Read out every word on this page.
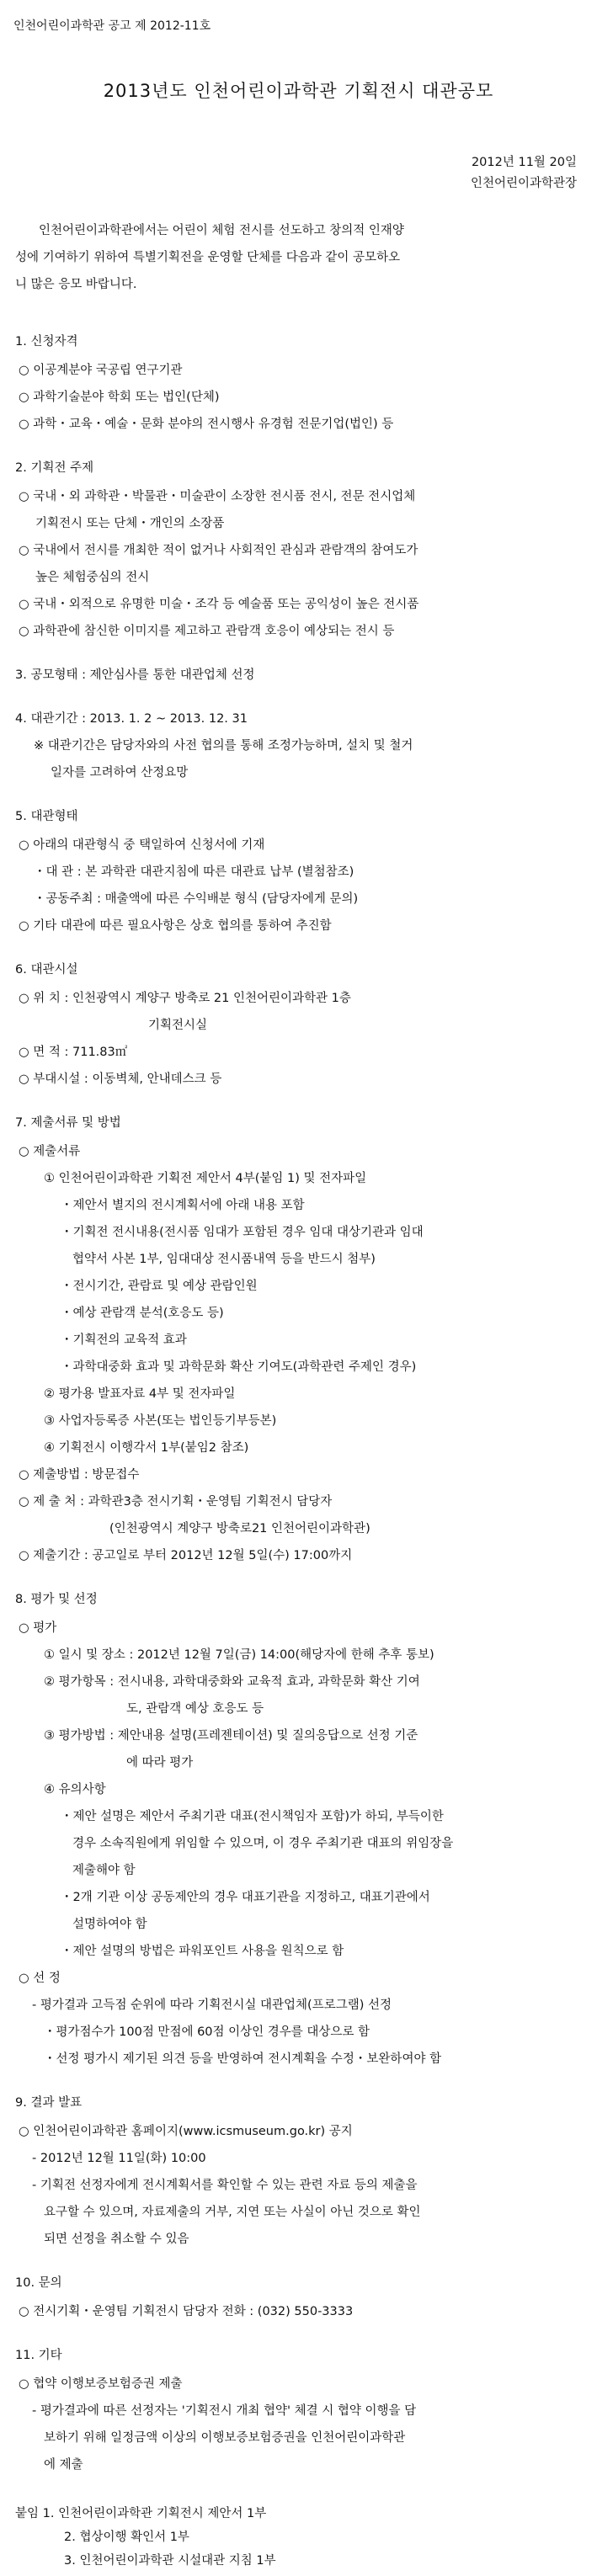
인천어린이과학관 공고 제 2012-11호
2013년도 인천어린이과학관 기획전시 대관공모
2012년 11월 20일
인천어린이과학관장
인천어린이과학관에서는 어린이 체험 전시를 선도하고 창의적 인재양
성에 기여하기 위하여 특별기획전을 운영할 단체를 다음과 같이 공모하오
니 많은 응모 바랍니다.
1. 신청자격
○ 이공계분야 국공립 연구기관
○ 과학기술분야 학회 또는 법인(단체)
○ 과학・교육・예술・문화 분야의 전시행사 유경험 전문기업(법인) 등
2. 기획전 주제
○ 국내・외 과학관・박물관・미술관이 소장한 전시품 전시, 전문 전시업체
기획전시 또는 단체・개인의 소장품
○ 국내에서 전시를 개최한 적이 없거나 사회적인 관심과 관람객의 참여도가
높은 체험중심의 전시
○ 국내・외적으로 유명한 미술・조각 등 예술품 또는 공익성이 높은 전시품
○ 과학관에 참신한 이미지를 제고하고 관람객 호응이 예상되는 전시 등
3. 공모형태 : 제안심사를 통한 대관업체 선정
4. 대관기간 : 2013. 1. 2 ~ 2013. 12. 31
※ 대관기간은 담당자와의 사전 협의를 통해 조정가능하며, 설치 및 철거
일자를 고려하여 산정요망
5. 대관형태
○ 아래의 대관형식 중 택일하여 신청서에 기재
・대 관 : 본 과학관 대관지침에 따른 대관료 납부 (별첨참조)
・공동주최 : 매출액에 따른 수익배분 형식 (담당자에게 문의)
○ 기타 대관에 따른 필요사항은 상호 협의를 통하여 추진함
6. 대관시설
○ 위 치 : 인천광역시 계양구 방축로 21 인천어린이과학관 1층
기획전시실
○ 면 적 : 711.83㎡
○ 부대시설 : 이동벽체, 안내데스크 등
7. 제출서류 및 방법
○ 제출서류
① 인천어린이과학관 기획전 제안서 4부(붙임 1) 및 전자파일
・제안서 별지의 전시계획서에 아래 내용 포함
・기획전 전시내용(전시품 임대가 포함된 경우 임대 대상기관과 임대
협약서 사본 1부, 임대대상 전시품내역 등을 반드시 첨부)
・전시기간, 관람료 및 예상 관람인원
・예상 관람객 분석(호응도 등)
・기획전의 교육적 효과
・과학대중화 효과 및 과학문화 확산 기여도(과학관련 주제인 경우)
② 평가용 발표자료 4부 및 전자파일
③ 사업자등록증 사본(또는 법인등기부등본)
④ 기획전시 이행각서 1부(붙임2 참조)
○ 제출방법 : 방문접수
○ 제 출 처 : 과학관3층 전시기획・운영팀 기획전시 담당자
(인천광역시 계양구 방축로21 인천어린이과학관)
○ 제출기간 : 공고일로 부터 2012년 12월 5일(수) 17:00까지
8. 평가 및 선정
○ 평가
① 일시 및 장소 : 2012년 12월 7일(금) 14:00(해당자에 한해 추후 통보)
② 평가항목 : 전시내용, 과학대중화와 교육적 효과, 과학문화 확산 기여
도, 관람객 예상 호응도 등
③ 평가방법 : 제안내용 설명(프레젠테이션) 및 질의응답으로 선정 기준
에 따라 평가
④ 유의사항
・제안 설명은 제안서 주최기관 대표(전시책임자 포함)가 하되, 부득이한
경우 소속직원에게 위임할 수 있으며, 이 경우 주최기관 대표의 위임장을
제출해야 함
・2개 기관 이상 공동제안의 경우 대표기관을 지정하고, 대표기관에서
설명하여야 함
・제안 설명의 방법은 파워포인트 사용을 원칙으로 함
○ 선 정
- 평가결과 고득점 순위에 따라 기획전시실 대관업체(프로그램) 선정
・평가점수가 100점 만점에 60점 이상인 경우를 대상으로 함
・선정 평가시 제기된 의견 등을 반영하여 전시계획을 수정・보완하여야 함
9. 결과 발표
○ 인천어린이과학관 홈페이지(www.icsmuseum.go.kr) 공지
- 2012년 12월 11일(화) 10:00
- 기획전 선정자에게 전시계획서를 확인할 수 있는 관련 자료 등의 제출을
요구할 수 있으며, 자료제출의 거부, 지연 또는 사실이 아닌 것으로 확인
되면 선정을 취소할 수 있음
10. 문의
○ 전시기획・운영팀 기획전시 담당자 전화 : (032) 550-3333
11. 기타
○ 협약 이행보증보험증권 제출
- 평가결과에 따른 선정자는 '기획전시 개최 협약' 체결 시 협약 이행을 담
보하기 위해 일정금액 이상의 이행보증보험증권을 인천어린이과학관
에 제출
붙임 1. 인천어린이과학관 기획전시 제안서 1부
2. 협상이행 확인서 1부
3. 인천어린이과학관 시설대관 지침 1부
